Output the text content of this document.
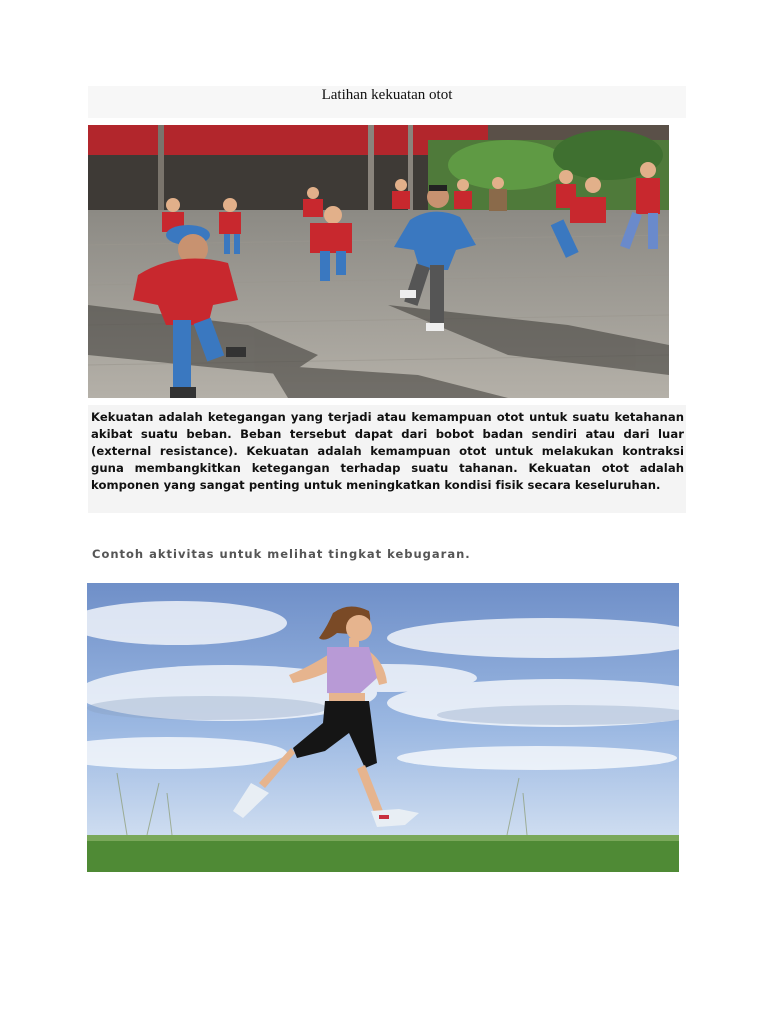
Latihan kekuatan otot

Kekuatan adalah ketegangan yang terjadi atau kemampuan otot untuk suatu ketahanan akibat suatu beban. Beban tersebut dapat dari bobot badan sendiri atau dari luar (external resistance). Kekuatan adalah kemampuan otot untuk melakukan kontraksi guna membangkitkan ketegangan terhadap suatu tahanan. Kekuatan otot adalah komponen yang sangat penting untuk meningkatkan kondisi fisik secara keseluruhan.

Contoh aktivitas untuk melihat tingkat kebugaran.
